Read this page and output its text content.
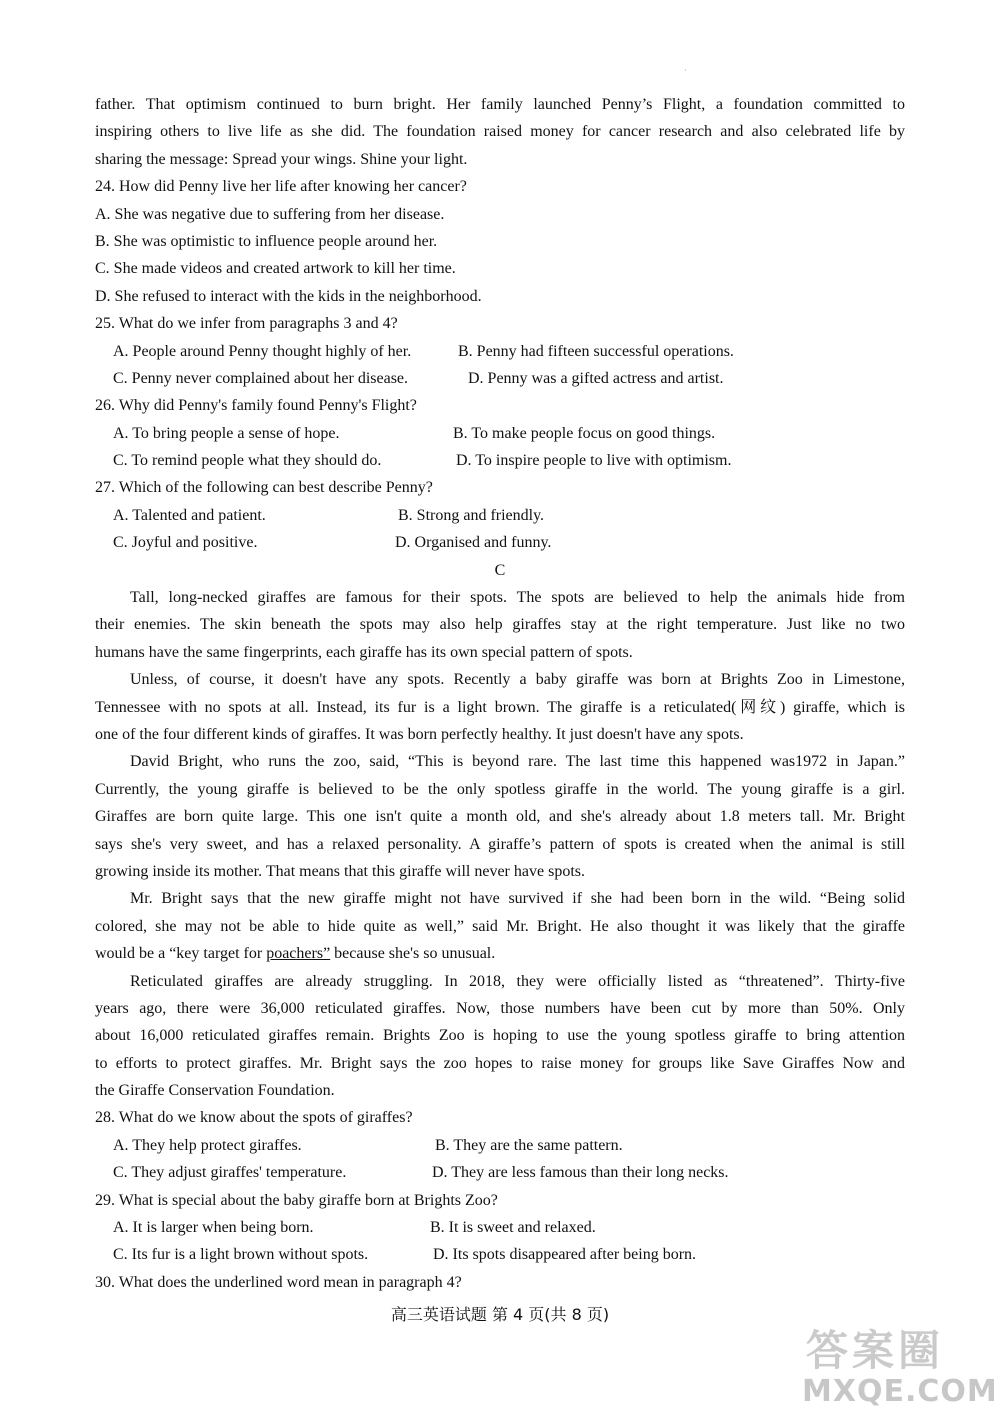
·
father. That optimism continued to burn bright. Her family launched Penny’s Flight, a foundation committed to
inspiring others to live life as she did. The foundation raised money for cancer research and also celebrated life by
sharing the message: Spread your wings. Shine your light.
24. How did Penny live her life after knowing her cancer?
A. She was negative due to suffering from her disease.
B. She was optimistic to influence people around her.
C. She made videos and created artwork to kill her time.
D. She refused to interact with the kids in the neighborhood.
25. What do we infer from paragraphs 3 and 4?
A. People around Penny thought highly of her.	B. Penny had fifteen successful operations.
C. Penny never complained about her disease.	D. Penny was a gifted actress and artist.
26. Why did Penny's family found Penny's Flight?
A. To bring people a sense of hope.	B. To make people focus on good things.
C. To remind people what they should do.	D. To inspire people to live with optimism.
27. Which of the following can best describe Penny?
A. Talented and patient.	B. Strong and friendly.
C. Joyful and positive.	D. Organised and funny.
C
Tall, long-necked giraffes are famous for their spots. The spots are believed to help the animals hide from
their enemies. The skin beneath the spots may also help giraffes stay at the right temperature. Just like no two
humans have the same fingerprints, each giraffe has its own special pattern of spots.
Unless, of course, it doesn't have any spots. Recently a baby giraffe was born at Brights Zoo in Limestone,
Tennessee with no spots at all. Instead, its fur is a light brown. The giraffe is a reticulated(网纹) giraffe, which is
one of the four different kinds of giraffes. It was born perfectly healthy. It just doesn't have any spots.
David Bright, who runs the zoo, said, “This is beyond rare. The last time this happened was1972 in Japan.”
Currently, the young giraffe is believed to be the only spotless giraffe in the world. The young giraffe is a girl.
Giraffes are born quite large. This one isn't quite a month old, and she's already about 1.8 meters tall. Mr. Bright
says she's very sweet, and has a relaxed personality. A giraffe’s pattern of spots is created when the animal is still
growing inside its mother. That means that this giraffe will never have spots.
Mr. Bright says that the new giraffe might not have survived if she had been born in the wild. “Being solid
colored, she may not be able to hide quite as well,” said Mr. Bright. He also thought it was likely that the giraffe
would be a “key target for poachers” because she's so unusual.
Reticulated giraffes are already struggling. In 2018, they were officially listed as “threatened”. Thirty-five
years ago, there were 36,000 reticulated giraffes. Now, those numbers have been cut by more than 50%. Only
about 16,000 reticulated giraffes remain. Brights Zoo is hoping to use the young spotless giraffe to bring attention
to efforts to protect giraffes. Mr. Bright says the zoo hopes to raise money for groups like Save Giraffes Now and
the Giraffe Conservation Foundation.
28. What do we know about the spots of giraffes?
A. They help protect giraffes.	B. They are the same pattern.
C. They adjust giraffes' temperature.	D. They are less famous than their long necks.
29. What is special about the baby giraffe born at Brights Zoo?
A. It is larger when being born.	B. It is sweet and relaxed.
C. Its fur is a light brown without spots.	D. Its spots disappeared after being born.
30. What does the underlined word mean in paragraph 4?
高三英语试题 第 4 页(共 8 页)
答案圈
MXQE.COM
